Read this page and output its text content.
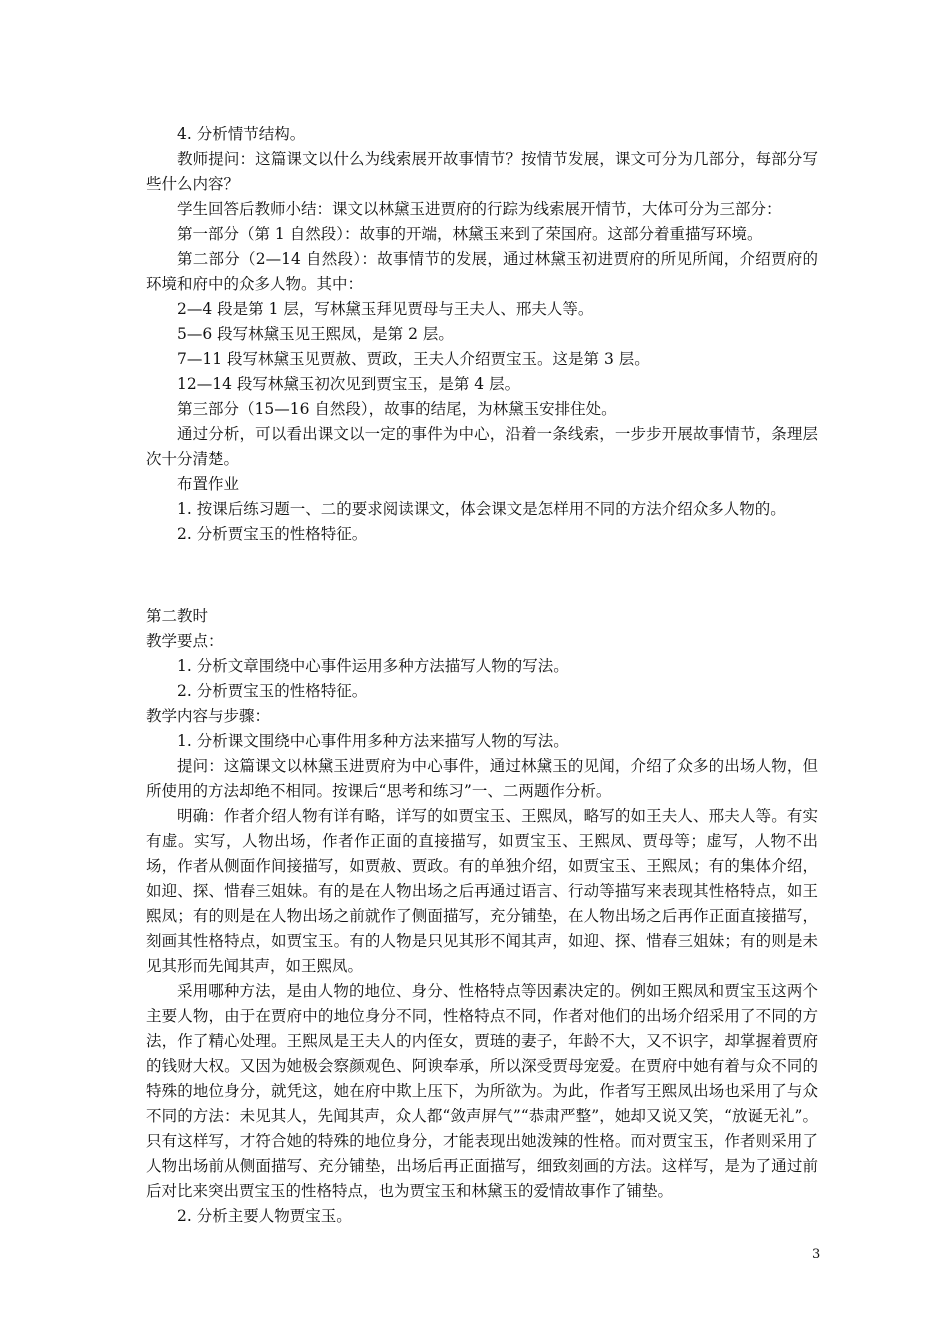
4. 分析情节结构。

教师提问：这篇课文以什么为线索展开故事情节？按情节发展，课文可分为几部分，每部分写些什么内容？

学生回答后教师小结：课文以林黛玉进贾府的行踪为线索展开情节，大体可分为三部分：

第一部分（第 1 自然段）：故事的开端，林黛玉来到了荣国府。这部分着重描写环境。

第二部分（2—14 自然段）：故事情节的发展，通过林黛玉初进贾府的所见所闻，介绍贾府的环境和府中的众多人物。其中：

2—4 段是第 1 层，写林黛玉拜见贾母与王夫人、邢夫人等。

5—6 段写林黛玉见王熙凤，是第 2 层。

7—11 段写林黛玉见贾赦、贾政，王夫人介绍贾宝玉。这是第 3 层。

12—14 段写林黛玉初次见到贾宝玉，是第 4 层。

第三部分（15—16 自然段），故事的结尾，为林黛玉安排住处。

通过分析，可以看出课文以一定的事件为中心，沿着一条线索，一步步开展故事情节，条理层次十分清楚。

布置作业

1. 按课后练习题一、二的要求阅读课文，体会课文是怎样用不同的方法介绍众多人物的。

2. 分析贾宝玉的性格特征。

第二教时

教学要点：

1. 分析文章围绕中心事件运用多种方法描写人物的写法。

2. 分析贾宝玉的性格特征。

教学内容与步骤：

1. 分析课文围绕中心事件用多种方法来描写人物的写法。

提问：这篇课文以林黛玉进贾府为中心事件，通过林黛玉的见闻，介绍了众多的出场人物，但所使用的方法却绝不相同。按课后“思考和练习”一、二两题作分析。

明确：作者介绍人物有详有略，详写的如贾宝玉、王熙凤，略写的如王夫人、邢夫人等。有实有虚。实写，人物出场，作者作正面的直接描写，如贾宝玉、王熙凤、贾母等；虚写，人物不出场，作者从侧面作间接描写，如贾赦、贾政。有的单独介绍，如贾宝玉、王熙凤；有的集体介绍，如迎、探、惜春三姐妹。有的是在人物出场之后再通过语言、行动等描写来表现其性格特点，如王熙凤；有的则是在人物出场之前就作了侧面描写，充分铺垫，在人物出场之后再作正面直接描写，刻画其性格特点，如贾宝玉。有的人物是只见其形不闻其声，如迎、探、惜春三姐妹；有的则是未见其形而先闻其声，如王熙凤。

采用哪种方法，是由人物的地位、身分、性格特点等因素决定的。例如王熙凤和贾宝玉这两个主要人物，由于在贾府中的地位身分不同，性格特点不同，作者对他们的出场介绍采用了不同的方法，作了精心处理。王熙凤是王夫人的内侄女，贾琏的妻子，年龄不大，又不识字，却掌握着贾府的钱财大权。又因为她极会察颜观色、阿谀奉承，所以深受贾母宠爱。在贾府中她有着与众不同的特殊的地位身分，就凭这，她在府中欺上压下，为所欲为。为此，作者写王熙凤出场也采用了与众不同的方法：未见其人，先闻其声，众人都“敛声屏气”“恭肃严整”，她却又说又笑，“放诞无礼”。只有这样写，才符合她的特殊的地位身分，才能表现出她泼辣的性格。而对贾宝玉，作者则采用了人物出场前从侧面描写、充分铺垫，出场后再正面描写，细致刻画的方法。这样写，是为了通过前后对比来突出贾宝玉的性格特点，也为贾宝玉和林黛玉的爱情故事作了铺垫。

2. 分析主要人物贾宝玉。

3
